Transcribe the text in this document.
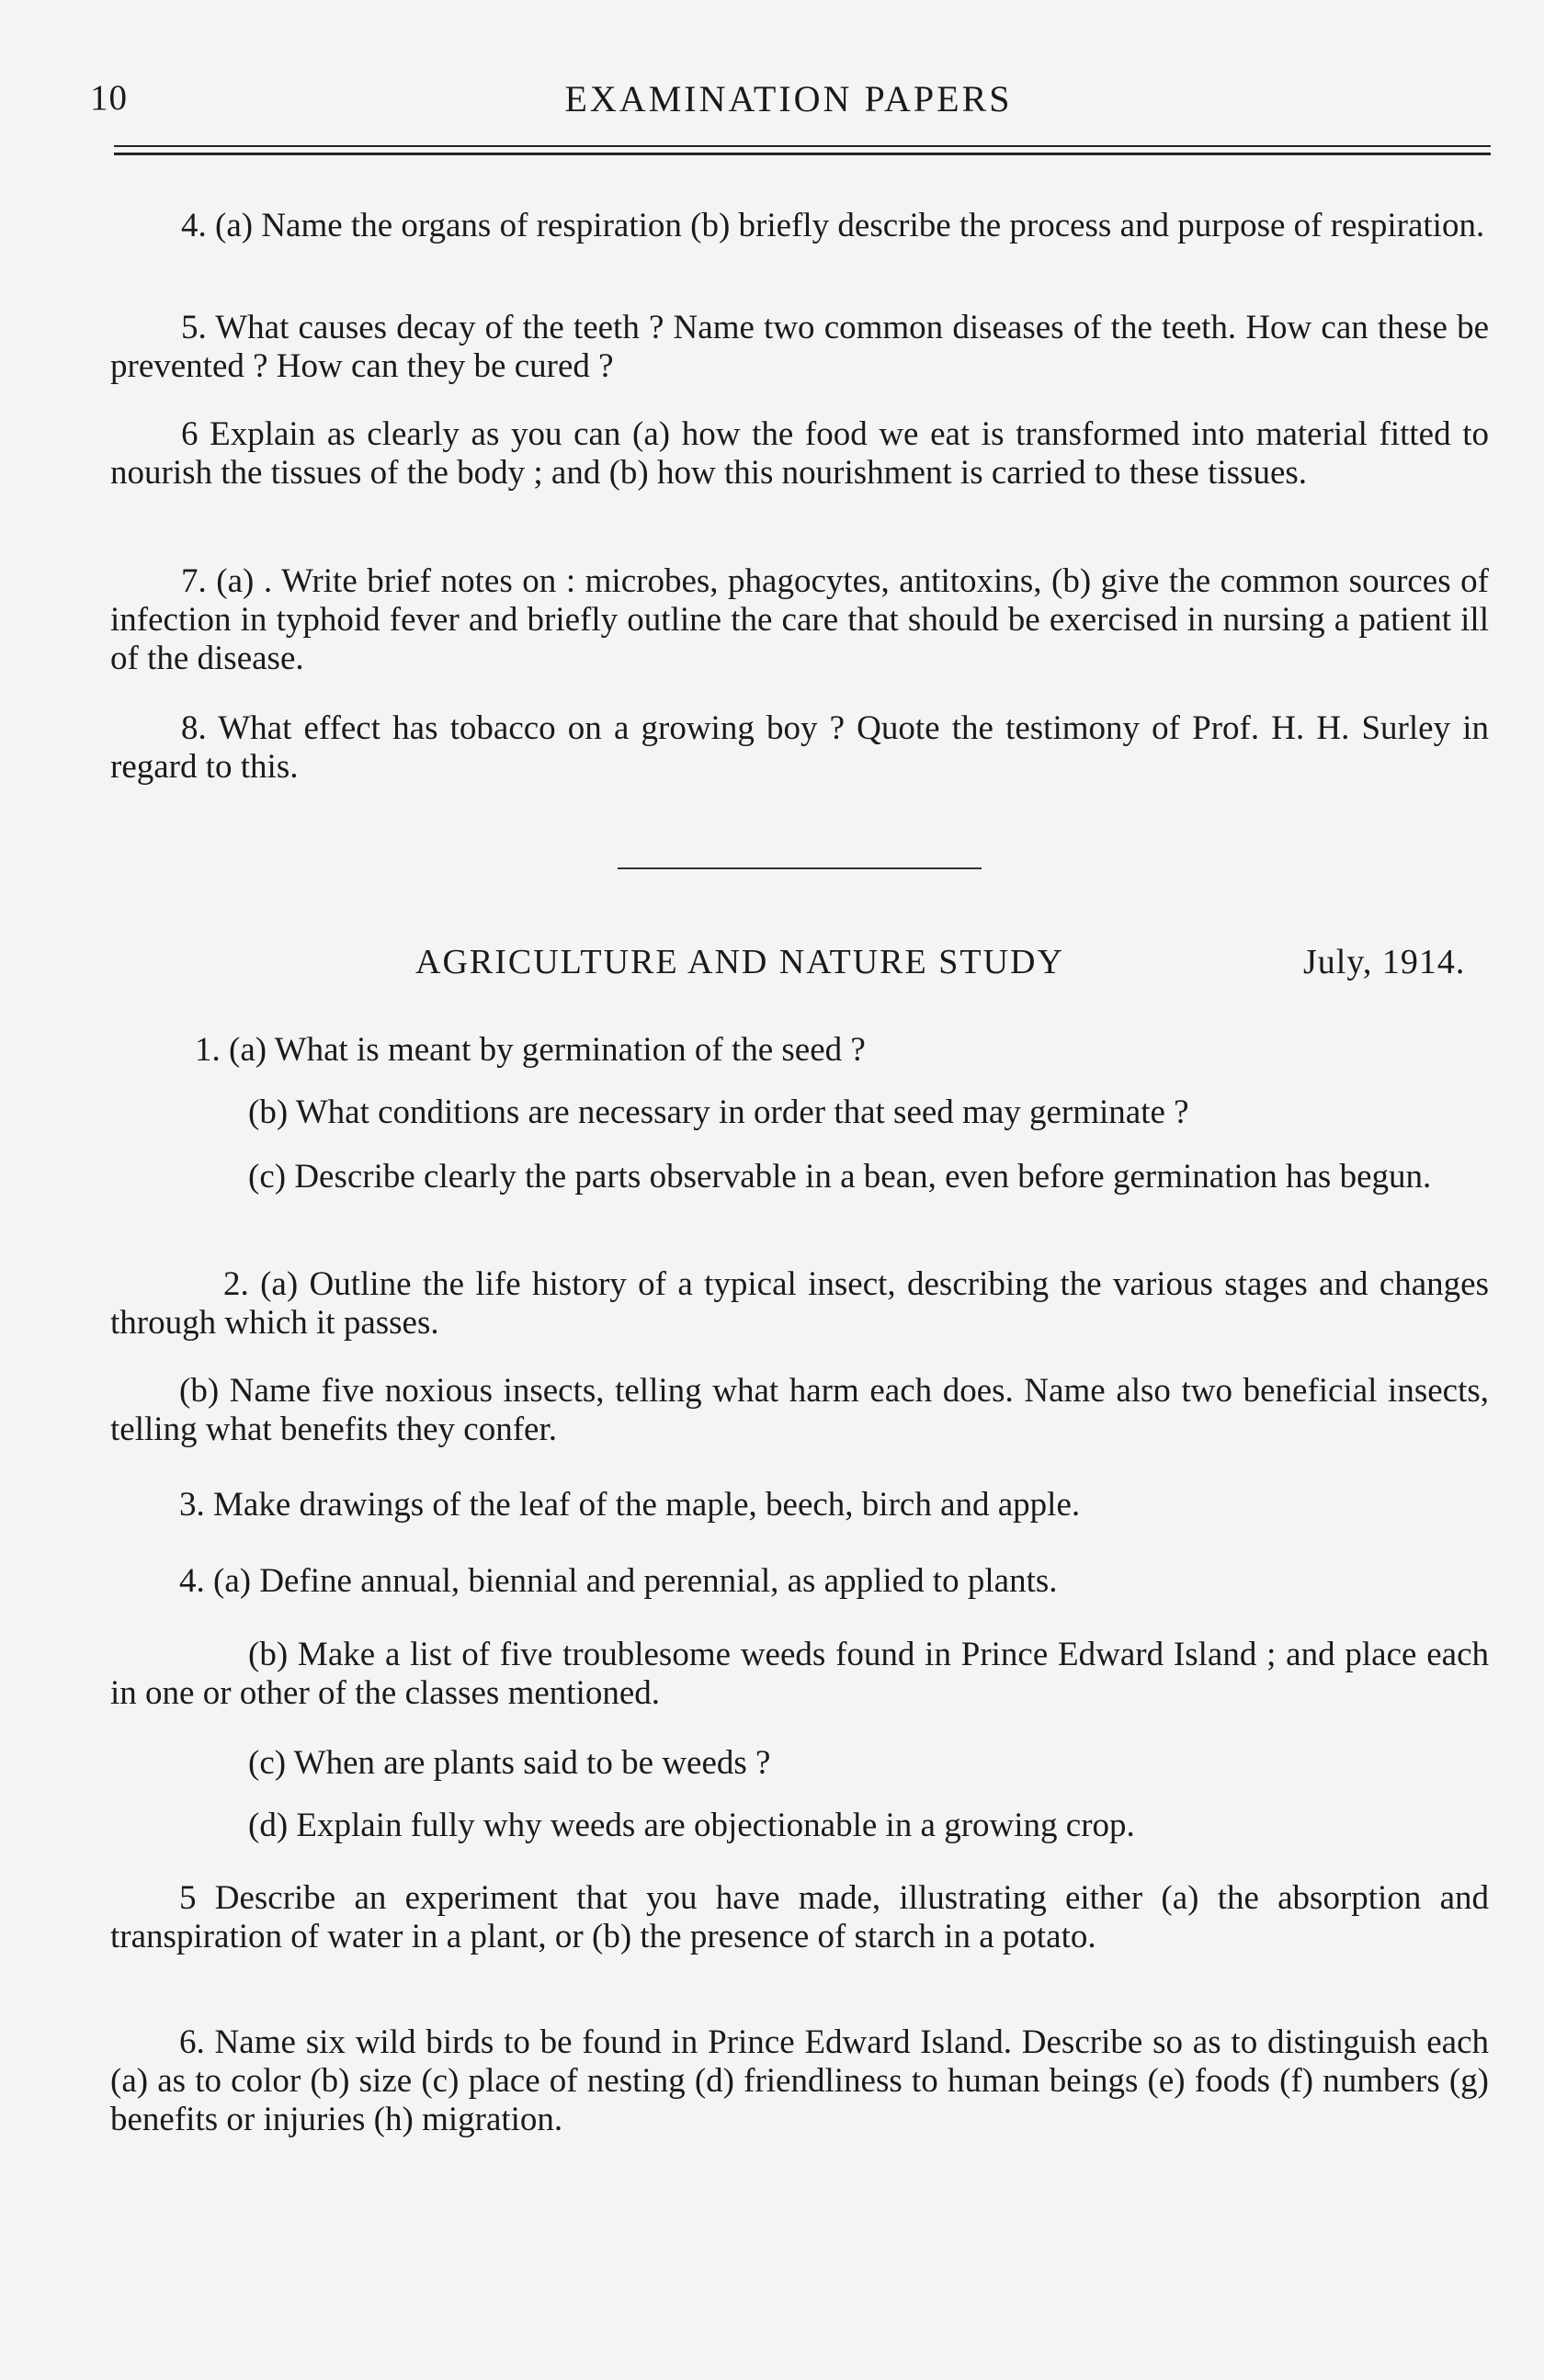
10	EXAMINATION PAPERS

4. (a) Name the organs of respiration (b) briefly describe the process and purpose of respiration.

5. What causes decay of the teeth ? Name two common diseases of the teeth. How can these be prevented ? How can they be cured ?

6 Explain as clearly as you can (a) how the food we eat is transformed into material fitted to nourish the tissues of the body ; and (b) how this nourishment is carried to these tissues.

7. (a) . Write brief notes on : microbes, phagocytes, antitoxins, (b) give the common sources of infection in typhoid fever and briefly outline the care that should be exercised in nursing a patient ill of the disease.

8. What effect has tobacco on a growing boy ? Quote the testimony of Prof. H. H. Surley in regard to this.

AGRICULTURE AND NATURE STUDY	July, 1914.

1. (a) What is meant by germination of the seed ?

(b) What conditions are necessary in order that seed may germinate ?

(c) Describe clearly the parts observable in a bean, even before germination has begun.

2. (a) Outline the life history of a typical insect, describing the various stages and changes through which it passes.

(b) Name five noxious insects, telling what harm each does. Name also two beneficial insects, telling what benefits they confer.

3. Make drawings of the leaf of the maple, beech, birch and apple.

4. (a) Define annual, biennial and perennial, as applied to plants.

(b) Make a list of five troublesome weeds found in Prince Edward Island ; and place each in one or other of the classes mentioned.

(c) When are plants said to be weeds ?

(d) Explain fully why weeds are objectionable in a growing crop.

5 Describe an experiment that you have made, illustrating either (a) the absorption and transpiration of water in a plant, or (b) the presence of starch in a potato.

6. Name six wild birds to be found in Prince Edward Island. Describe so as to distinguish each (a) as to color (b) size (c) place of nesting (d) friendliness to human beings (e) foods (f) numbers (g) benefits or injuries (h) migration.
